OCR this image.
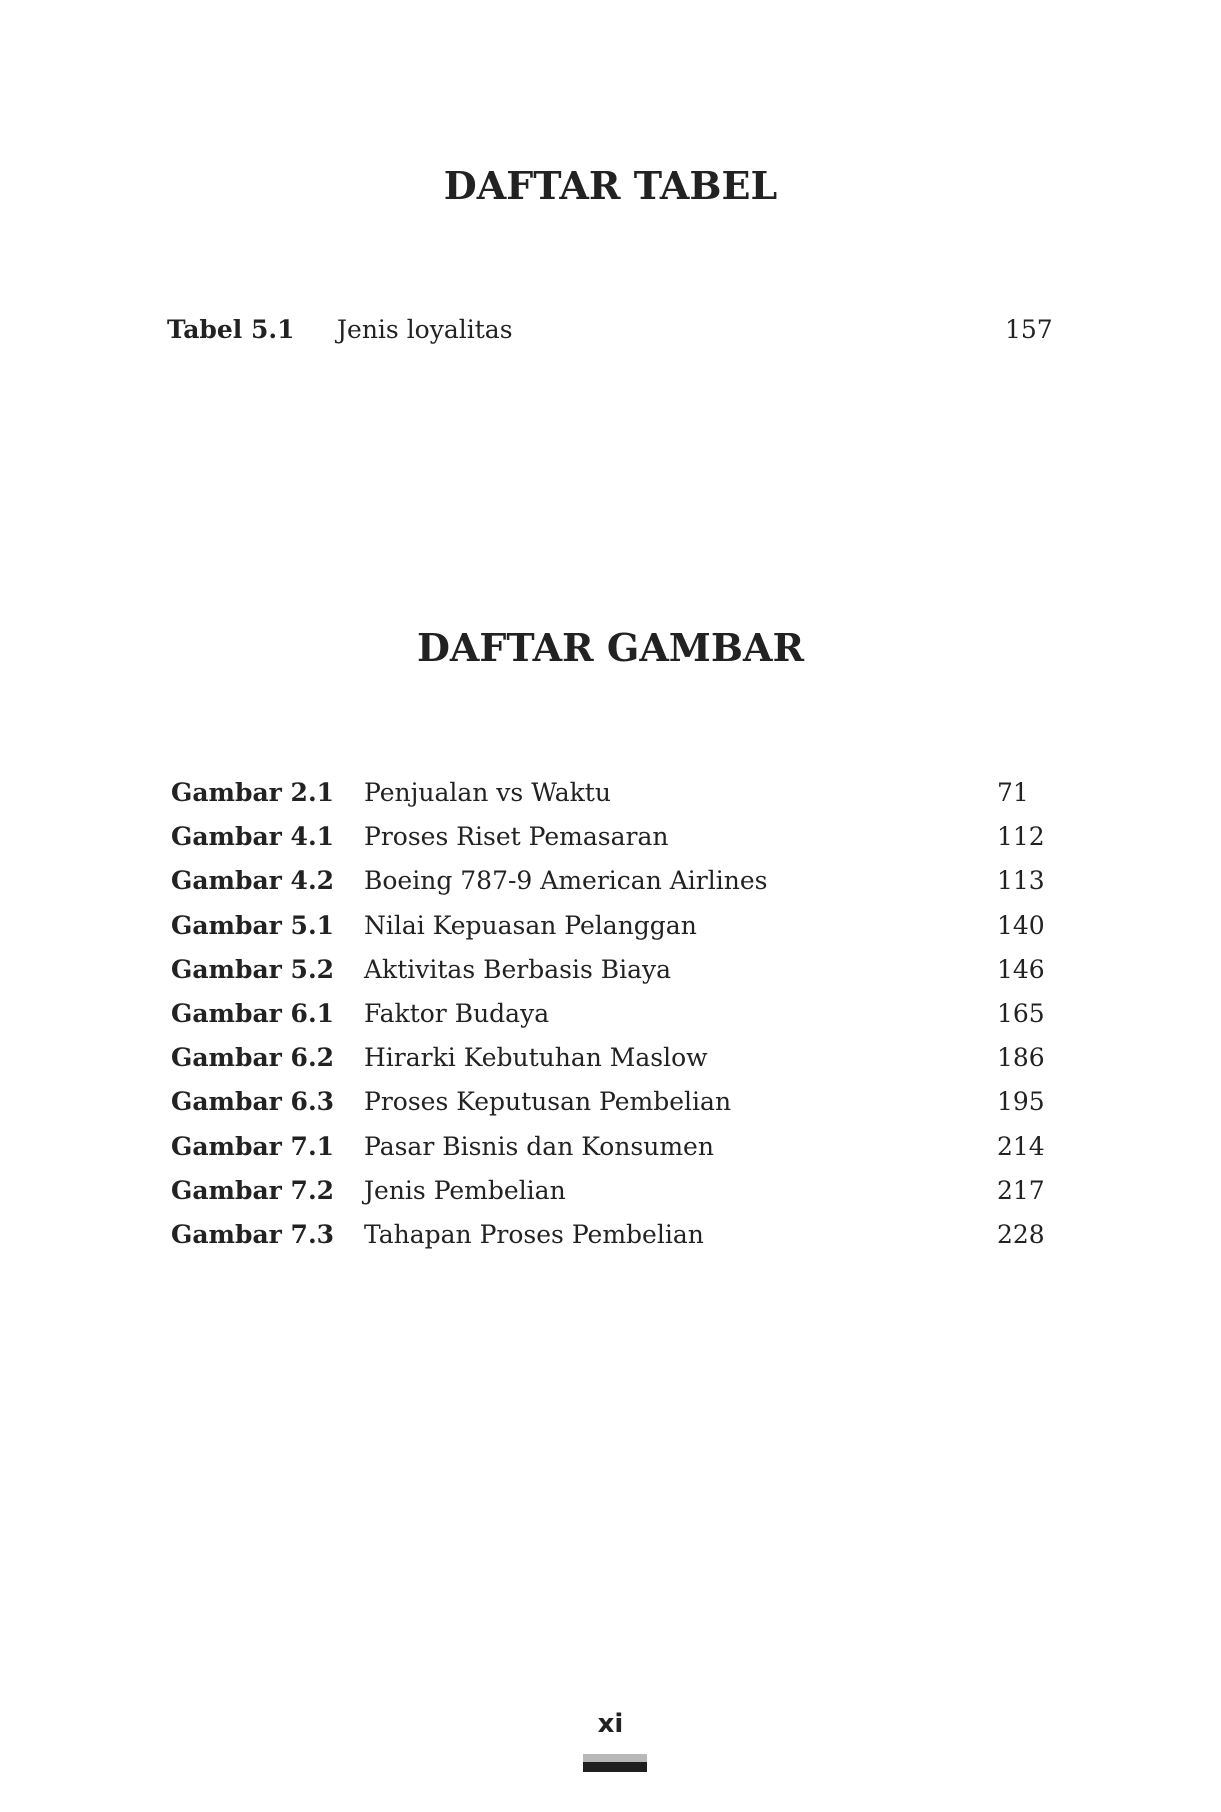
DAFTAR TABEL
Tabel 5.1 Jenis loyalitas	157
DAFTAR GAMBAR
Gambar 2.1 Penjualan vs Waktu	71
Gambar 4.1 Proses Riset Pemasaran	112
Gambar 4.2 Boeing 787-9 American Airlines	113
Gambar 5.1 Nilai Kepuasan Pelanggan	140
Gambar 5.2 Aktivitas Berbasis Biaya	146
Gambar 6.1 Faktor Budaya	165
Gambar 6.2 Hirarki Kebutuhan Maslow	186
Gambar 6.3 Proses Keputusan Pembelian	195
Gambar 7.1 Pasar Bisnis dan Konsumen	214
Gambar 7.2 Jenis Pembelian	217
Gambar 7.3 Tahapan Proses Pembelian	228
xi
